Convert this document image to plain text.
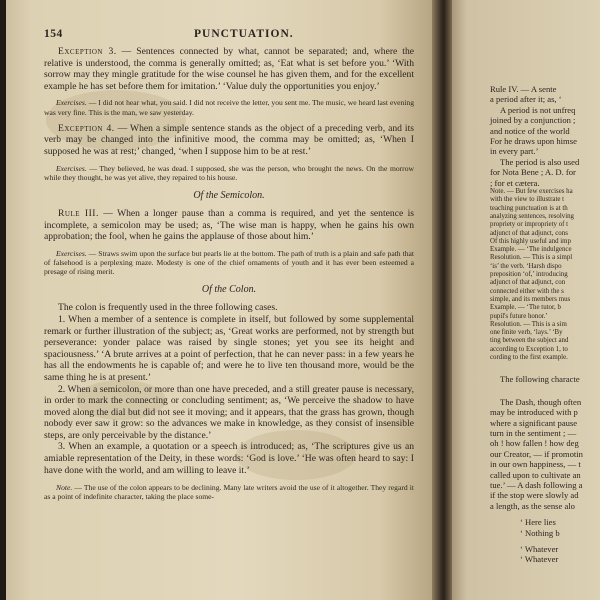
154	PUNCTUATION.

Exception 3. — Sentences connected by what, cannot be separated; and, where the relative is understood, the comma is generally omitted; as, ‘Eat what is set before you.’ ‘With sorrow may they mingle gratitude for the wise counsel he has given them, and for the excellent example he has set before them for imitation.’ ‘Value duly the opportunities you enjoy.’

Exercises. — I did not hear what, you said. I did not receive the letter, you sent me. The music, we heard last evening was very fine. This is the man, we saw yesterday.

Exception 4. — When a simple sentence stands as the object of a preceding verb, and its verb may be changed into the infinitive mood, the comma may be omitted; as, ‘When I supposed he was at rest;’ changed, ‘when I suppose him to be at rest.’

Exercises. — They believed, he was dead. I supposed, she was the person, who brought the news. On the morrow while they thought, he was yet alive, they repaired to his house.

Of the Semicolon.

Rule III. — When a longer pause than a comma is required, and yet the sentence is incomplete, a semicolon may be used; as, ‘The wise man is happy, when he gains his own approbation; the fool, when he gains the applause of those about him.’

Exercises. — Straws swim upon the surface but pearls lie at the bottom. The path of truth is a plain and safe path that of falsehood is a perplexing maze. Modesty is one of the chief ornaments of youth and it has ever been esteemed a presage of rising merit.

Of the Colon.

The colon is frequently used in the three following cases.

1. When a member of a sentence is complete in itself, but followed by some supplemental remark or further illustration of the subject; as, ‘Great works are performed, not by strength but perseverance: yonder palace was raised by single stones; yet you see its height and spaciousness.’ ‘A brute arrives at a point of perfection, that he can never pass: in a few years he has all the endowments he is capable of; and were he to live ten thousand more, would be the same thing he is at present.’

2. When a semicolon, or more than one have preceded, and a still greater pause is necessary, in order to mark the connecting or concluding sentiment; as, ‘We perceive the shadow to have moved along the dial but did not see it moving; and it appears, that the grass has grown, though nobody ever saw it grow: so the advances we make in knowledge, as they consist of insensible steps, are only perceivable by the distance.’

3. When an example, a quotation or a speech is introduced; as, ‘The scriptures give us an amiable representation of the Deity, in these words: ‘God is love.’ ‘He was often heard to say: I have done with the world, and am willing to leave it.’

Note. — The use of the colon appears to be declining. Many late writers avoid the use of it altogether. They regard it as a point of indefinite character, taking the place some-

Rule IV. — A sente
a period after it; as, ‘
A period is not unfreq
joined by a conjunction ;
and notice of the world
For he draws upon himse
in every part.’
The period is also used
for Nota Bene ; A. D. for
; for et cætera.
Note. — But few exercises ha
with the view to illustrate t
teaching punctuation is at th
analyzing sentences, resolving
propriety or impropriety of t
adjunct of that adjunct, cons
Of this highly useful and imp
Example. — ‘The indulgence
Resolution. — This is a simpl
‘is’ the verb. ‘Harsh dispo
preposition ‘of,’ introducing
adjunct of that adjunct, con
connected either with the s
simple, and its members mus
Example. — ‘The tutor, b
pupil's future honor.’
Resolution. — This is a sim
one finite verb, ‘lays.’ ‘By
ting between the subject and
according to Exception 1, to
cording to the first example.
The following characte
The Dash, though often
may be introduced with p
where a significant pause
turn in the sentiment ; —
oh ! how fallen ! how deg
our Creator, — if promotin
in our own happiness, — t
called upon to cultivate an
tue.’ — A dash following a
if the stop were slowly ad
a length, as the sense alo
‘ Here lies
‘ Nothing b
‘ Whatever
‘ Whatever
